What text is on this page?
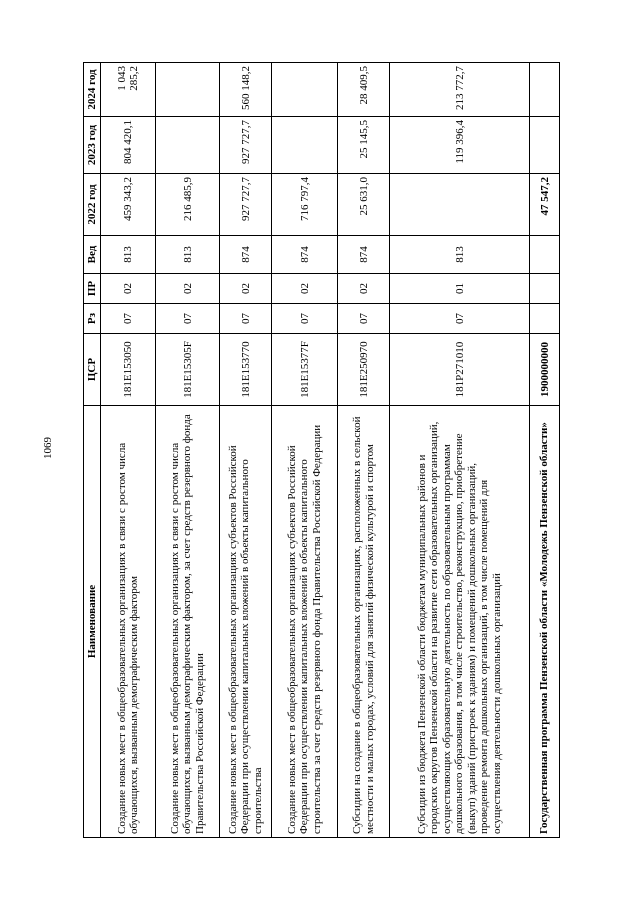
1069
Наименование	ЦСР	Рз	ПР	Вед	2022 год	2023 год	2024 год
Создание новых мест в общеобразовательных организациях в связи с ростом числа обучающихся, вызванным демографическим фактором	181E153050	07	02	813	459 343,2	804 420,1	1 043 285,2
Создание новых мест в общеобразовательных организациях в связи с ростом числа обучающихся, вызванным демографическим фактором, за счет средств резервного фонда Правительства Российской Федерации	181E15305F	07	02	813	216 485,9		
Создание новых мест в общеобразовательных организациях субъектов Российской Федерации при осуществлении капитальных вложений в объекты капитального строительства	181E153770	07	02	874	927 727,7	927 727,7	560 148,2
Создание новых мест в общеобразовательных организациях субъектов Российской Федерации при осуществлении капитальных вложений в объекты капитального строительства за счет средств резервного фонда Правительства Российской Федерации	181E15377F	07	02	874	716 797,4		
Субсидии на создание в общеобразовательных организациях, расположенных в сельской местности и малых городах, условий для занятий физической культурой и спортом	181E250970	07	02	874	25 631,0	25 145,5	28 409,5
Субсидии из бюджета Пензенской области бюджетам муниципальных районов и городских округов Пензенской области на развитие сети образовательных организаций, осуществляющих образовательную деятельность по образовательным программам дошкольного образования, в том числе строительство, реконструкцию, приобретение (выкуп) зданий (пристроек к зданиям) и помещений дошкольных организаций, проведение ремонта дошкольных организаций, в том числе помещений для осуществления деятельности дошкольных организаций	181P271010	07	01	813		119 396,4	213 772,7
Государственная программа Пензенской области «Молодежь Пензенской области»	1900000000				47 547,2		
